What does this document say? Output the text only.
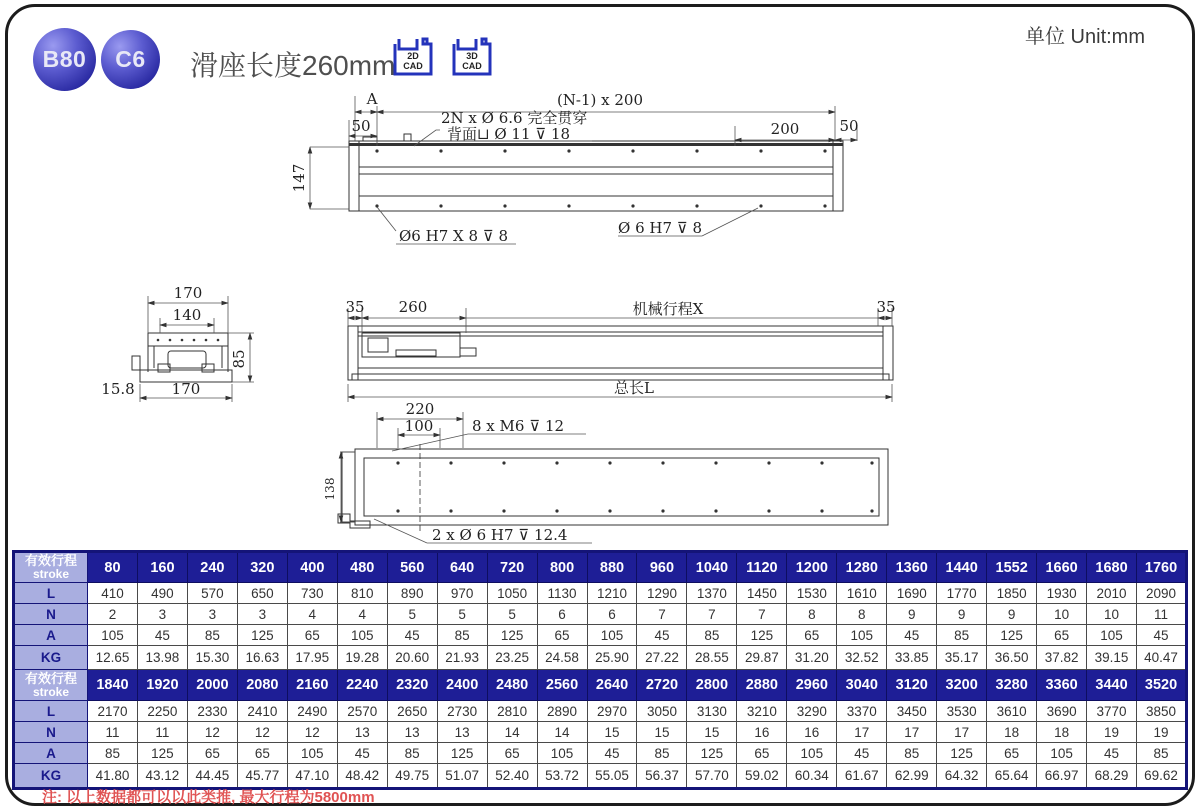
B80 C6 滑座长度260mm
单位 Unit:mm
2D
CAD
3D
CAD
A	(N-1) x 200
50	2N x Ø 6.6 完全贯穿
背面⊔ Ø 11 ⊽ 18	200	50
147
Ø6 H7 X 8 ⊽ 8	Ø 6 H7 ⊽ 8
170
140
85
15.8 170
35 260	机械行程X	35
总长L
220
100	8 x M6 ⊽ 12
138
2 x Ø 6 H7 ⊽ 12.4
有效行程
stroke	80	160	240	320	400	480	560	640	720	800	880	960	1040	1120	1200	1280	1360	1440	1552	1660	1680	1760
L	410	490	570	650	730	810	890	970	1050	1130	1210	1290	1370	1450	1530	1610	1690	1770	1850	1930	2010	2090
N	2	3	3	3	4	4	5	5	5	6	6	7	7	7	8	8	9	9	9	10	10	11
A	105	45	85	125	65	105	45	85	125	65	105	45	85	125	65	105	45	85	125	65	105	45
KG	12.65	13.98	15.30	16.63	17.95	19.28	20.60	21.93	23.25	24.58	25.90	27.22	28.55	29.87	31.20	32.52	33.85	35.17	36.50	37.82	39.15	40.47

有效行程
stroke	1840	1920	2000	2080	2160	2240	2320	2400	2480	2560	2640	2720	2800	2880	2960	3040	3120	3200	3280	3360	3440	3520
L	2170	2250	2330	2410	2490	2570	2650	2730	2810	2890	2970	3050	3130	3210	3290	3370	3450	3530	3610	3690	3770	3850
N	11	11	12	12	12	13	13	13	14	14	15	15	15	16	16	17	17	17	18	18	19	19
A	85	125	65	65	105	45	85	125	65	105	45	85	125	65	105	45	85	125	65	105	45	85
KG	41.80	43.12	44.45	45.77	47.10	48.42	49.75	51.07	52.40	53.72	55.05	56.37	57.70	59.02	60.34	61.67	62.99	64.32	65.64	66.97	68.29	69.62
注: 以上数据都可以以此类推, 最大行程为5800mm
